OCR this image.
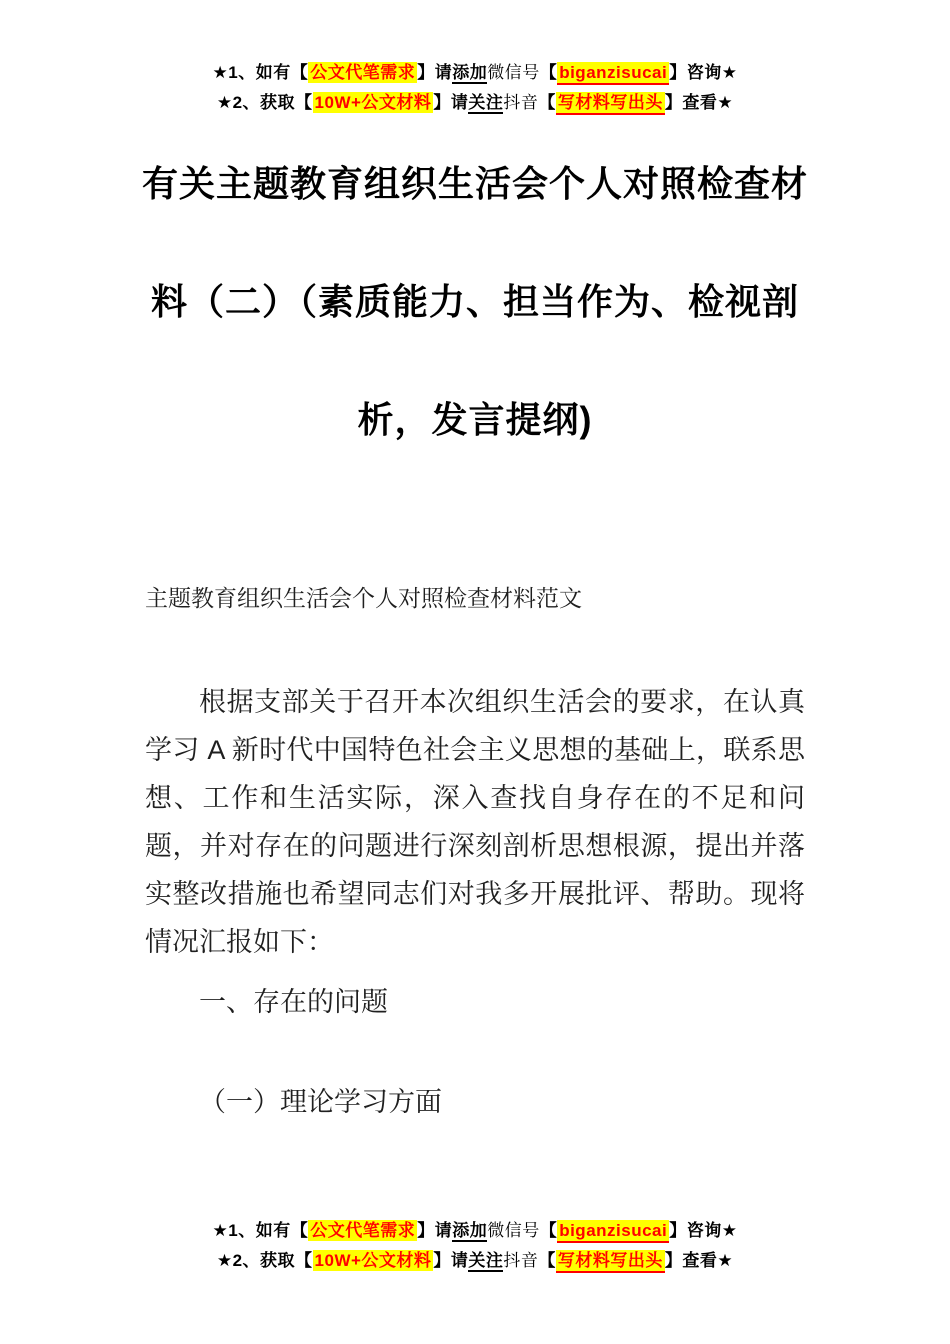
★1、如有【 公文代笔需求 】请添加微信号【 biganzisucai 】咨询★
★2、获取【 10W+公文材料 】请关注抖音【 写材料写出头 】查看★
有关主题教育组织生活会个人对照检查材
料（二）（素质能力、担当作为、检视剖
析，发言提纲)
主题教育组织生活会个人对照检查材料范文

根据支部关于召开本次组织生活会的要求，在认真学习 A 新时代中国特色社会主义思想的基础上，联系思想、工作和生活实际，深入查找自身存在的不足和问题，并对存在的问题进行深刻剖析思想根源，提出并落实整改措施也希望同志们对我多开展批评、帮助。现将情况汇报如下：

一、存在的问题
（一）理论学习方面
★1、如有【 公文代笔需求 】请添加微信号【 biganzisucai 】咨询★
★2、获取【 10W+公文材料 】请关注抖音【 写材料写出头 】查看★
